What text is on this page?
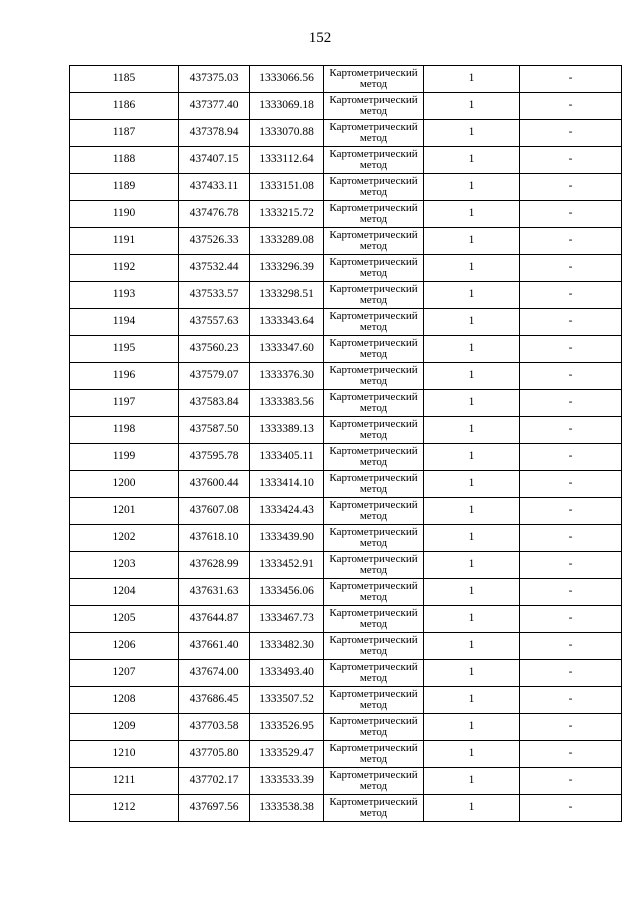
152
1185	437375.03	1333066.56	Картометрический метод	1	-
1186	437377.40	1333069.18	Картометрический метод	1	-
1187	437378.94	1333070.88	Картометрический метод	1	-
1188	437407.15	1333112.64	Картометрический метод	1	-
1189	437433.11	1333151.08	Картометрический метод	1	-
1190	437476.78	1333215.72	Картометрический метод	1	-
1191	437526.33	1333289.08	Картометрический метод	1	-
1192	437532.44	1333296.39	Картометрический метод	1	-
1193	437533.57	1333298.51	Картометрический метод	1	-
1194	437557.63	1333343.64	Картометрический метод	1	-
1195	437560.23	1333347.60	Картометрический метод	1	-
1196	437579.07	1333376.30	Картометрический метод	1	-
1197	437583.84	1333383.56	Картометрический метод	1	-
1198	437587.50	1333389.13	Картометрический метод	1	-
1199	437595.78	1333405.11	Картометрический метод	1	-
1200	437600.44	1333414.10	Картометрический метод	1	-
1201	437607.08	1333424.43	Картометрический метод	1	-
1202	437618.10	1333439.90	Картометрический метод	1	-
1203	437628.99	1333452.91	Картометрический метод	1	-
1204	437631.63	1333456.06	Картометрический метод	1	-
1205	437644.87	1333467.73	Картометрический метод	1	-
1206	437661.40	1333482.30	Картометрический метод	1	-
1207	437674.00	1333493.40	Картометрический метод	1	-
1208	437686.45	1333507.52	Картометрический метод	1	-
1209	437703.58	1333526.95	Картометрический метод	1	-
1210	437705.80	1333529.47	Картометрический метод	1	-
1211	437702.17	1333533.39	Картометрический метод	1	-
1212	437697.56	1333538.38	Картометрический метод	1	-
